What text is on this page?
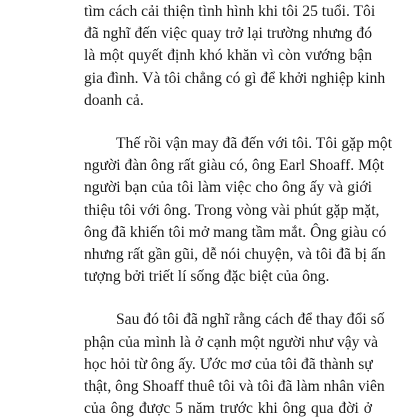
tìm cách cải thiện tình hình khi tôi 25 tuổi. Tôi
đã nghĩ đến việc quay trở lại trường nhưng đó
là một quyết định khó khăn vì còn vướng bận
gia đình. Và tôi chẳng có gì để khởi nghiệp kinh
doanh cả.
Thế rồi vận may đã đến với tôi. Tôi gặp một
người đàn ông rất giàu có, ông Earl Shoaff. Một
người bạn của tôi làm việc cho ông ấy và giới
thiệu tôi với ông. Trong vòng vài phút gặp mặt,
ông đã khiến tôi mở mang tầm mắt. Ông giàu có
nhưng rất gần gũi, dễ nói chuyện, và tôi đã bị ấn
tượng bởi triết lí sống đặc biệt của ông.
Sau đó tôi đã nghĩ rằng cách để thay đổi số
phận của mình là ở cạnh một người như vậy và
học hỏi từ ông ấy. Ước mơ của tôi đã thành sự
thật, ông Shoaff thuê tôi và tôi đã làm nhân viên
của ông được 5 năm trước khi ông qua đời ở
